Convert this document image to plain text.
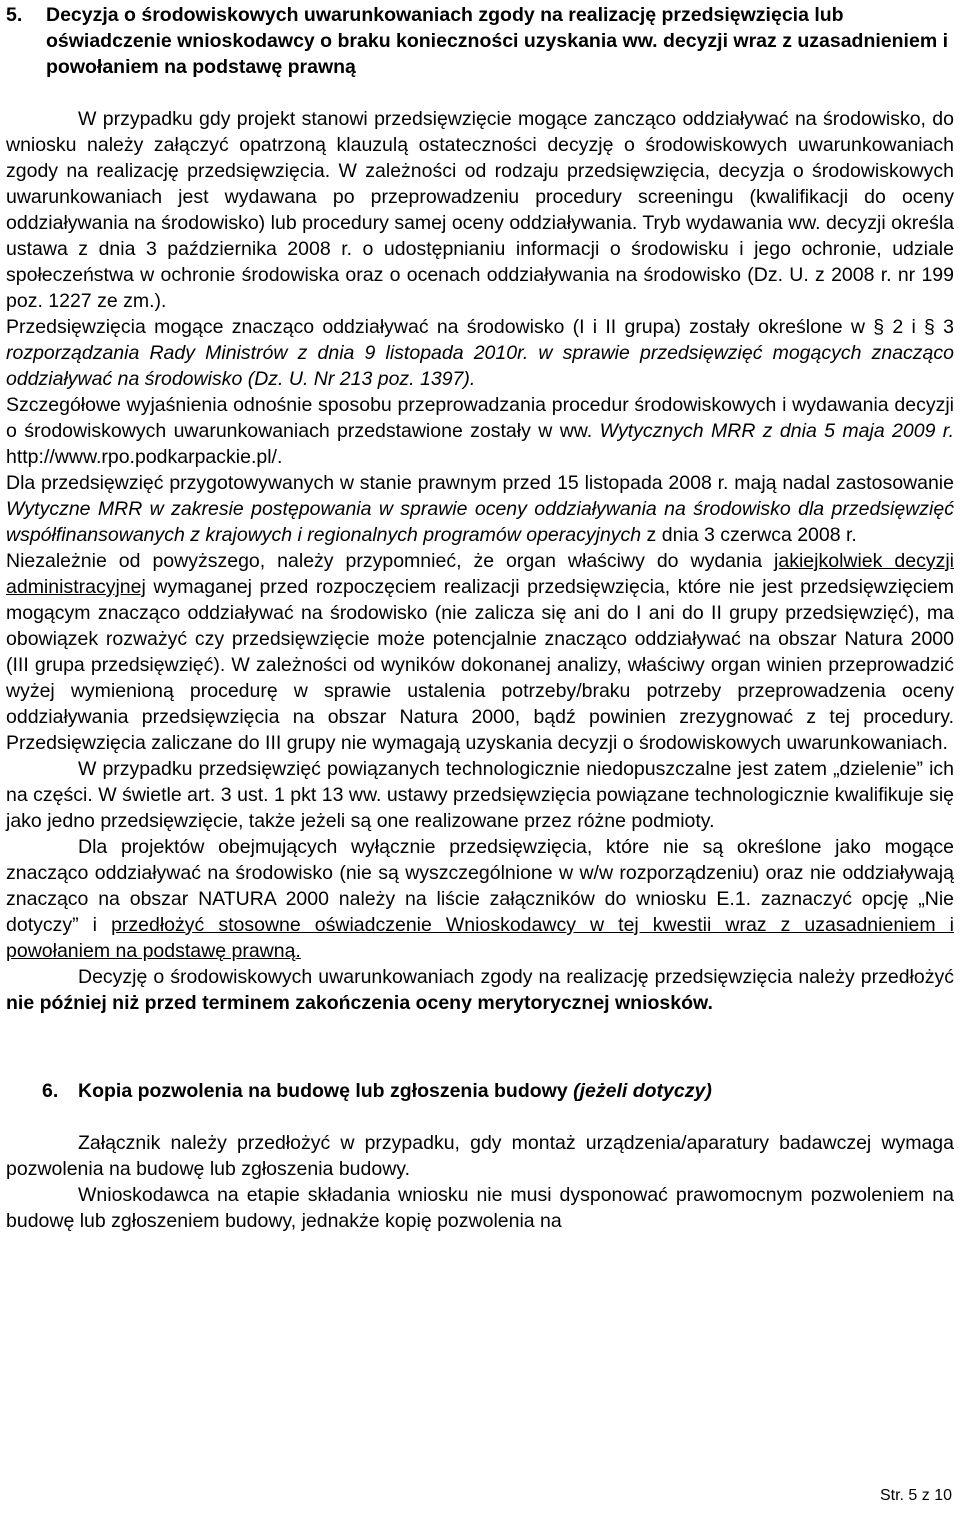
5.	Decyzja o środowiskowych uwarunkowaniach zgody na realizację przedsięwzięcia lub oświadczenie wnioskodawcy o braku konieczności uzyskania ww. decyzji wraz z uzasadnieniem i powołaniem na podstawę prawną

W przypadku gdy projekt stanowi przedsięwzięcie mogące zancząco oddziaływać na środowisko, do wniosku należy załączyć opatrzoną klauzulą ostateczności decyzję o środowiskowych uwarunkowaniach zgody na realizację przedsięwzięcia. W zależności od rodzaju przedsięwzięcia, decyzja o środowiskowych uwarunkowaniach jest wydawana po przeprowadzeniu procedury screeningu (kwalifikacji do oceny oddziaływania na środowisko) lub procedury samej oceny oddziaływania. Tryb wydawania ww. decyzji określa ustawa z dnia 3 października 2008 r. o udostępnianiu informacji o środowisku i jego ochronie, udziale społeczeństwa w ochronie środowiska oraz o ocenach oddziaływania na środowisko (Dz. U. z 2008 r. nr 199 poz. 1227 ze zm.).

Przedsięwzięcia mogące znacząco oddziaływać na środowisko (I i II grupa) zostały określone w § 2 i § 3 rozporządzania Rady Ministrów z dnia 9 listopada 2010r. w sprawie przedsięwzięć mogących znacząco oddziaływać na środowisko (Dz. U. Nr 213 poz. 1397).

Szczegółowe wyjaśnienia odnośnie sposobu przeprowadzania procedur środowiskowych i wydawania decyzji o środowiskowych uwarunkowaniach przedstawione zostały w ww. Wytycznych MRR z dnia 5 maja 2009 r. http://www.rpo.podkarpackie.pl/.

Dla przedsięwzięć przygotowywanych w stanie prawnym przed 15 listopada 2008 r. mają nadal zastosowanie Wytyczne MRR w zakresie postępowania w sprawie oceny oddziaływania na środowisko dla przedsięwzięć współfinansowanych z krajowych i regionalnych programów operacyjnych z dnia 3 czerwca 2008 r.

Niezależnie od powyższego, należy przypomnieć, że organ właściwy do wydania jakiejkolwiek decyzji administracyjnej wymaganej przed rozpoczęciem realizacji przedsięwzięcia, które nie jest przedsięwzięciem mogącym znacząco oddziaływać na środowisko (nie zalicza się ani do I ani do II grupy przedsięwzięć), ma obowiązek rozważyć czy przedsięwzięcie może potencjalnie znacząco oddziaływać na obszar Natura 2000 (III grupa przedsięwzięć). W zależności od wyników dokonanej analizy, właściwy organ winien przeprowadzić wyżej wymienioną procedurę w sprawie ustalenia potrzeby/braku potrzeby przeprowadzenia oceny oddziaływania przedsięwzięcia na obszar Natura 2000, bądź powinien zrezygnować z tej procedury. Przedsięwzięcia zaliczane do III grupy nie wymagają uzyskania decyzji o środowiskowych uwarunkowaniach.

W przypadku przedsięwzięć powiązanych technologicznie niedopuszczalne jest zatem „dzielenie” ich na części. W świetle art. 3 ust. 1 pkt 13 ww. ustawy przedsięwzięcia powiązane technologicznie kwalifikuje się jako jedno przedsięwzięcie, także jeżeli są one realizowane przez różne podmioty.

Dla projektów obejmujących wyłącznie przedsięwzięcia, które nie są określone jako mogące znacząco oddziaływać na środowisko (nie są wyszczególnione w w/w rozporządzeniu) oraz nie oddziaływają znacząco na obszar NATURA 2000 należy na liście załączników do wniosku E.1. zaznaczyć opcję „Nie dotyczy” i przedłożyć stosowne oświadczenie Wnioskodawcy w tej kwestii wraz z uzasadnieniem i powołaniem na podstawę prawną.

Decyzję o środowiskowych uwarunkowaniach zgody na realizację przedsięwzięcia należy przedłożyć nie później niż przed terminem zakończenia oceny merytorycznej wniosków.

6.	Kopia pozwolenia na budowę lub zgłoszenia budowy (jeżeli dotyczy)

Załącznik należy przedłożyć w przypadku, gdy montaż urządzenia/aparatury badawczej wymaga pozwolenia na budowę lub zgłoszenia budowy.

Wnioskodawca na etapie składania wniosku nie musi dysponować prawomocnym pozwoleniem na budowę lub zgłoszeniem budowy, jednakże kopię pozwolenia na

Str. 5 z 10
